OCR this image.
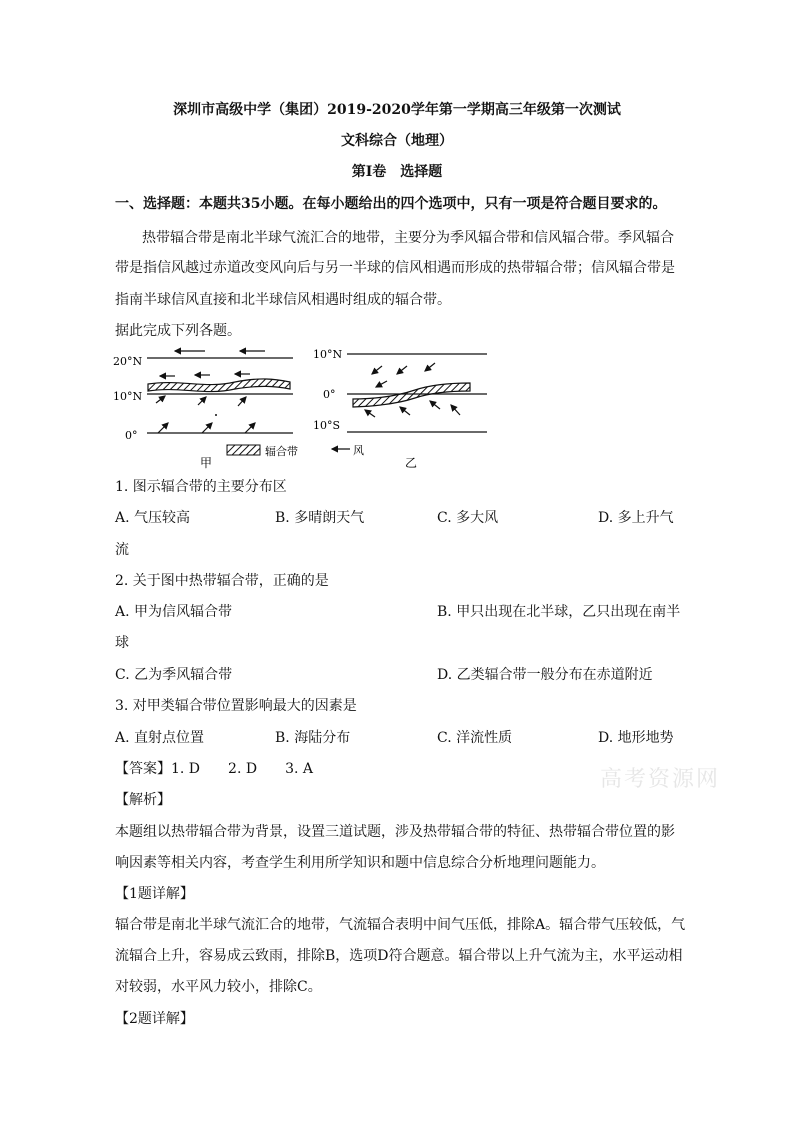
深圳市高级中学（集团）2019-2020学年第一学期高三年级第一次测试
文科综合（地理）
第Ⅰ卷　选择题
一、选择题：本题共35小题。在每小题给出的四个选项中，只有一项是符合题目要求的。
热带辐合带是南北半球气流汇合的地带，主要分为季风辐合带和信风辐合带。季风辐合
带是指信风越过赤道改变风向后与另一半球的信风相遇而形成的热带辐合带；信风辐合带是
指南半球信风直接和北半球信风相遇时组成的辐合带。
据此完成下列各题。
20°N
10°N
0°
辐合带	风
10°N
0°
10°S
甲	乙
1. 图示辐合带的主要分布区
A. 气压较高	B. 多晴朗天气	C. 多大风	D. 多上升气
流
2. 关于图中热带辐合带，正确的是
A. 甲为信风辐合带	B. 甲只出现在北半球，乙只出现在南半
球
C. 乙为季风辐合带	D. 乙类辐合带一般分布在赤道附近
3. 对甲类辐合带位置影响最大的因素是
A. 直射点位置	B. 海陆分布	C. 洋流性质	D. 地形地势
【答案】1. D　　2. D　　3. A	高考资源网
【解析】
本题组以热带辐合带为背景，设置三道试题，涉及热带辐合带的特征、热带辐合带位置的影
响因素等相关内容，考查学生利用所学知识和题中信息综合分析地理问题能力。
【1题详解】
辐合带是南北半球气流汇合的地带，气流辐合表明中间气压低，排除A。辐合带气压较低，气
流辐合上升，容易成云致雨，排除B，选项D符合题意。辐合带以上升气流为主，水平运动相
对较弱，水平风力较小，排除C。
【2题详解】
